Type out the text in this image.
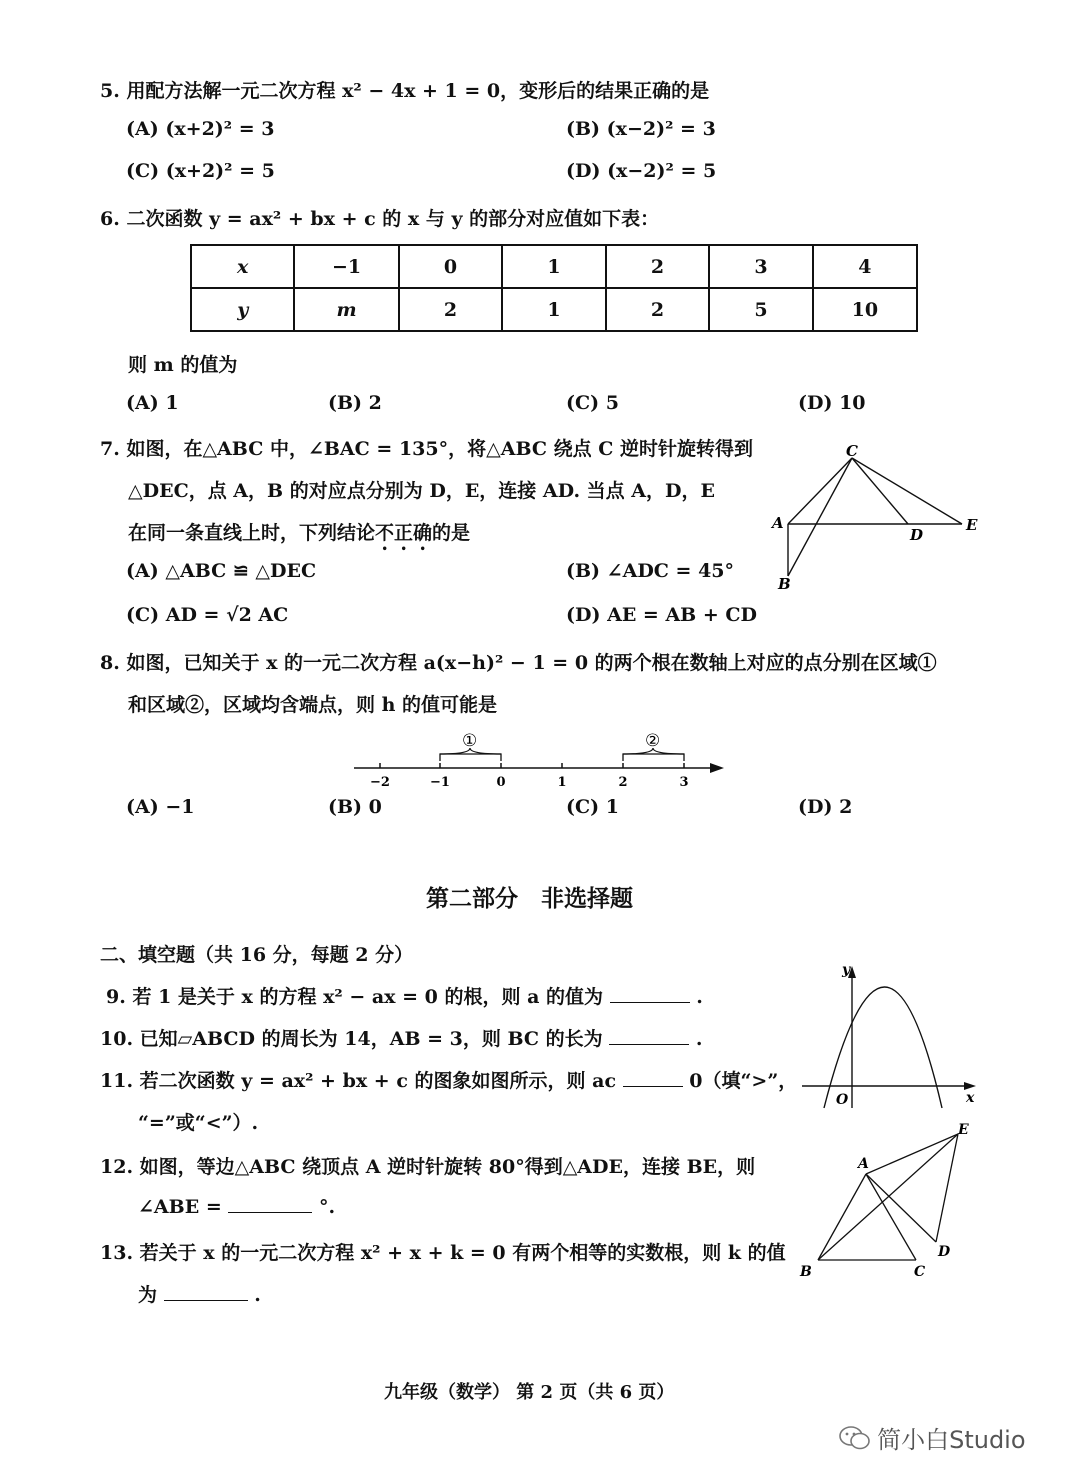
5. 用配方法解一元二次方程 x² − 4x + 1 = 0，变形后的结果正确的是
(A) (x+2)² = 3	(B) (x−2)² = 3
(C) (x+2)² = 5	(D) (x−2)² = 5
6. 二次函数 y = ax² + bx + c 的 x 与 y 的部分对应值如下表：
x	−1	0	1	2	3	4
y	m	2	1	2	5	10
则 m 的值为
(A) 1	(B) 2	(C) 5	(D) 10
7. 如图，在△ABC 中，∠BAC = 135°，将△ABC 绕点 C 逆时针旋转得到
△DEC，点 A，B 的对应点分别为 D，E，连接 AD. 当点 A，D，E
在同一条直线上时，下列结论不正确的是
(A) △ABC ≌ △DEC	(B) ∠ADC = 45°
(C) AD = √2 AC	(D) AE = AB + CD
C
A
D
E
B
8. 如图，已知关于 x 的一元二次方程 a(x−h)² − 1 = 0 的两个根在数轴上对应的点分别在区域①
和区域②，区域均含端点，则 h 的值可能是
①	②
−2	−1	0	1	2	3
(A) −1	(B) 0	(C) 1	(D) 2
第二部分　非选择题
二、填空题（共 16 分，每题 2 分）
9. 若 1 是关于 x 的方程 x² − ax = 0 的根，则 a 的值为	.
10. 已知▱ABCD 的周长为 14，AB = 3，则 BC 的长为	.
11. 若二次函数 y = ax² + bx + c 的图象如图所示，则 ac	0（填“>”，
“=”或“<”）.
y
O	x
12. 如图，等边△ABC 绕顶点 A 逆时针旋转 80°得到△ADE，连接 BE，则
∠ABE =	°.
A
E
B	C
D
13. 若关于 x 的一元二次方程 x² + x + k = 0 有两个相等的实数根，则 k 的值
为	.
九年级（数学） 第 2 页（共 6 页）
简小白Studio
